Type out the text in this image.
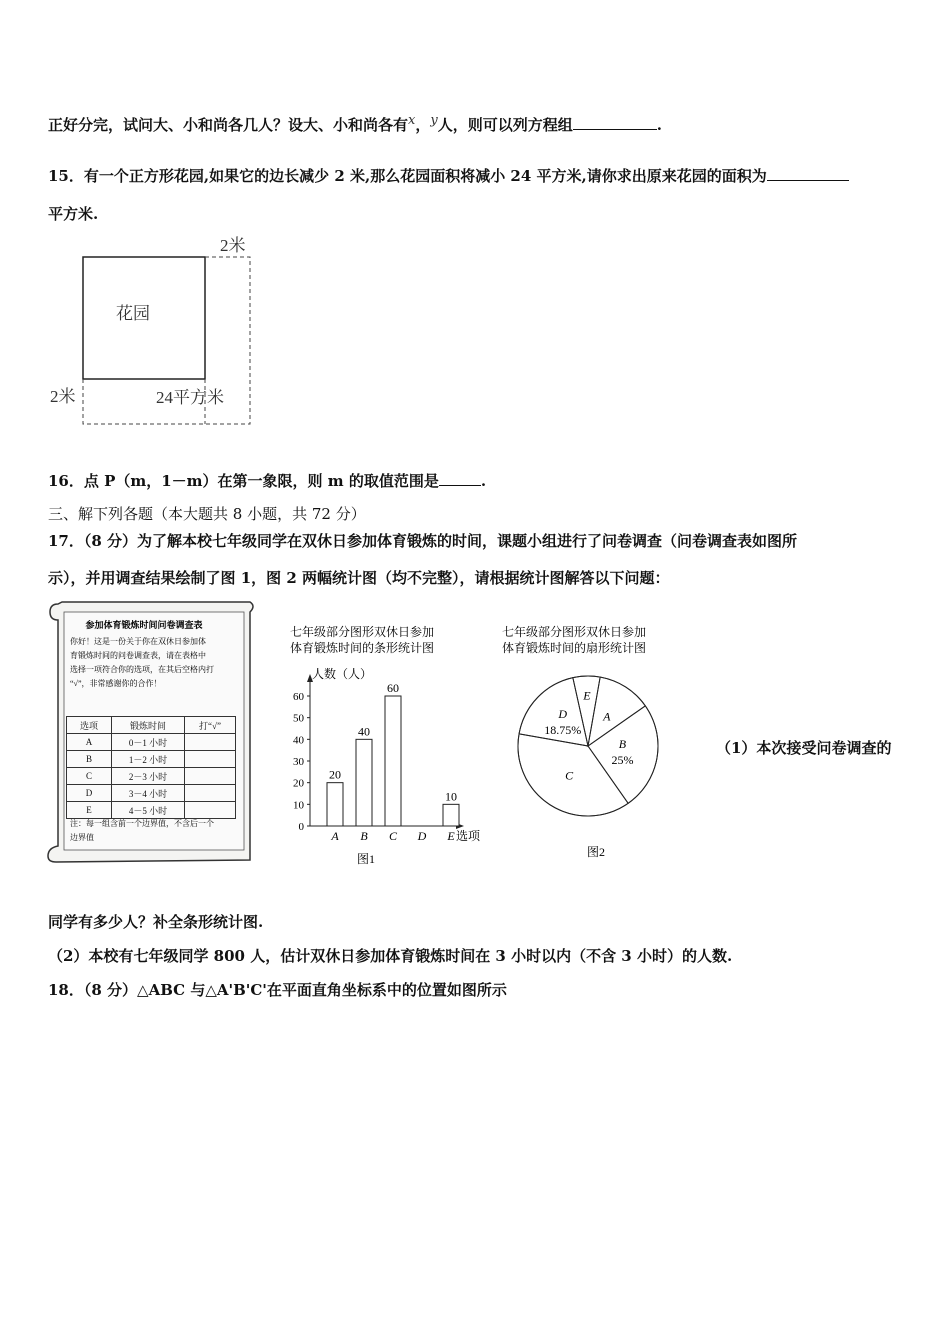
正好分完，试问大、小和尚各几人？设大、小和尚各有x，y人，则可以列方程组	.
15．有一个正方形花园,如果它的边长减少 2 米,那么花园面积将减小 24 平方米,请你求出原来花园的面积为
平方米.
花园
2米
2米	24平方米
16．点 P（m，1－m）在第一象限，则 m 的取值范围是	.
三、解下列各题（本大题共 8 小题，共 72 分）
17．（8 分）为了解本校七年级同学在双休日参加体育锻炼的时间，课题小组进行了问卷调查（问卷调查表如图所
示），并用调查结果绘制了图 1，图 2 两幅统计图（均不完整），请根据统计图解答以下问题：
参加体育锻炼时间问卷调查表
你好！这是一份关于你在双休日参加体
育锻炼时间的问卷调查表，请在表格中
选择一项符合你的选项，在其后空格内打
“√”，非常感谢你的合作！
注：每一组含前一个边界值，不含后一个
边界值
选项	锻炼时间	打“√”
A	0－1 小时	
B	1－2 小时	
C	2－3 小时	
D	3－4 小时	
E	4－5 小时	
七年级部分图形双休日参加
体育锻炼时间的条形统计图
人数（人）
选项
图1
0
10
20
30
40
50
60
20
A
40
B
60
C D
10
E
七年级部分图形双休日参加
体育锻炼时间的扇形统计图
图2
A
B
25%
C
D
18.75%
E
（1）本次接受问卷调查的
同学有多少人？补全条形统计图.
（2）本校有七年级同学 800 人，估计双休日参加体育锻炼时间在 3 小时以内（不含 3 小时）的人数.
18．（8 分）△ABC 与△A'B'C'在平面直角坐标系中的位置如图所示
